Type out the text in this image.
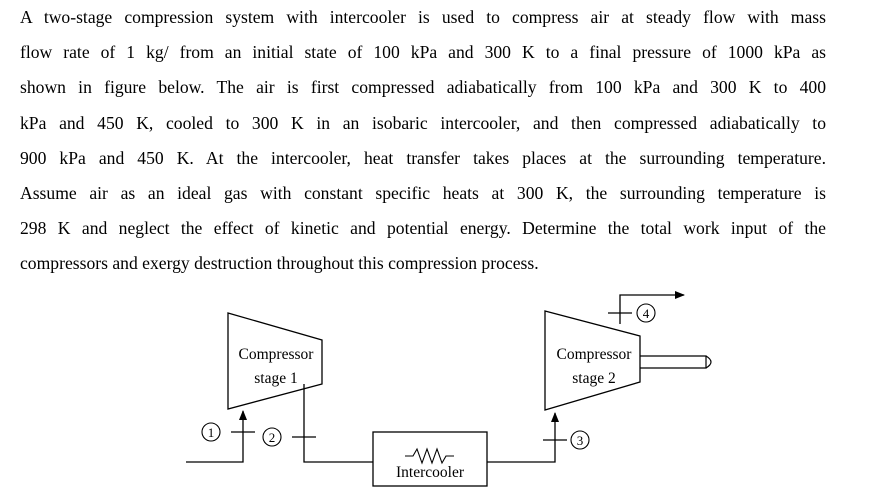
A two-stage compression system with intercooler is used to compress air at steady flow with mass
flow rate of 1 kg/ from an initial state of 100 kPa and 300 K to a final pressure of 1000 kPa as
shown in figure below. The air is first compressed adiabatically from 100 kPa and 300 K to 400
kPa and 450 K, cooled to 300 K in an isobaric intercooler, and then compressed adiabatically to
900 kPa and 450 K. At the intercooler, heat transfer takes places at the surrounding temperature.
Assume air as an ideal gas with constant specific heats at 300 K, the surrounding temperature is
298 K and neglect the effect of kinetic and potential energy. Determine the total work input of the
compressors and exergy destruction throughout this compression process.
Compressor
stage 1
Compressor
stage 2
Intercooler
1	2	3
4
